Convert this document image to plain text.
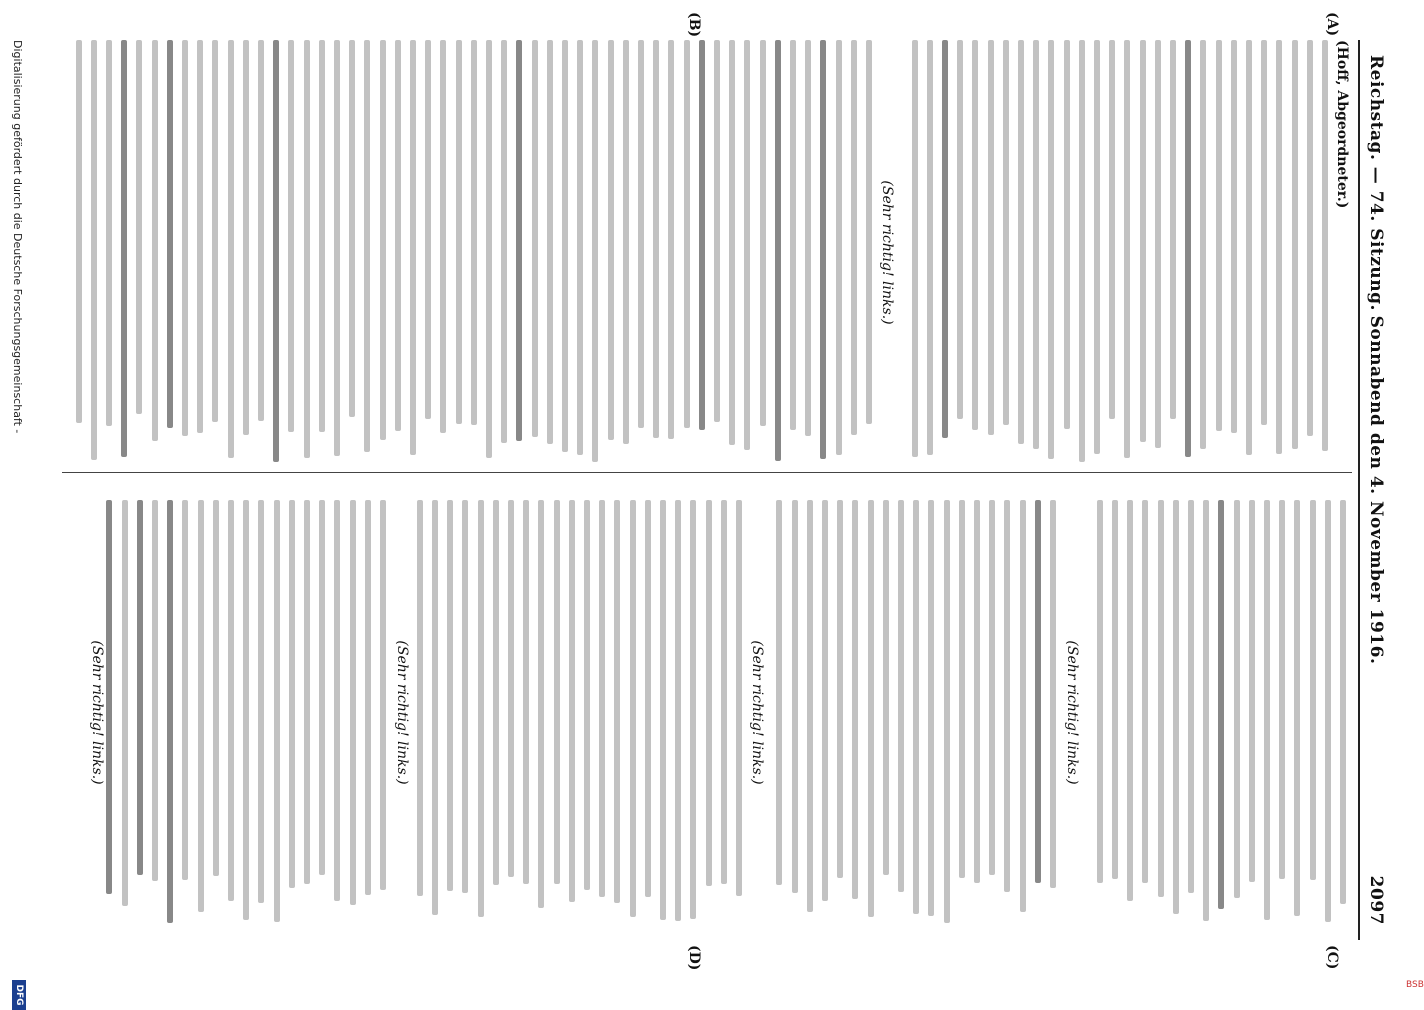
BSB
Reichstag. — 74. Sitzung.
Sonnabend den 4. November 1916.
2097
(A)
(B)
(C)
(D)
(Hoff, Abgeordneter.)
(Sehr richtig! links.)
(Sehr richtig! links.)
(Sehr richtig! links.)
(Sehr richtig! links.)
(Sehr richtig! links.)
Digitalisierung gefördert durch die Deutsche Forschungsgemeinschaft -
DFG
